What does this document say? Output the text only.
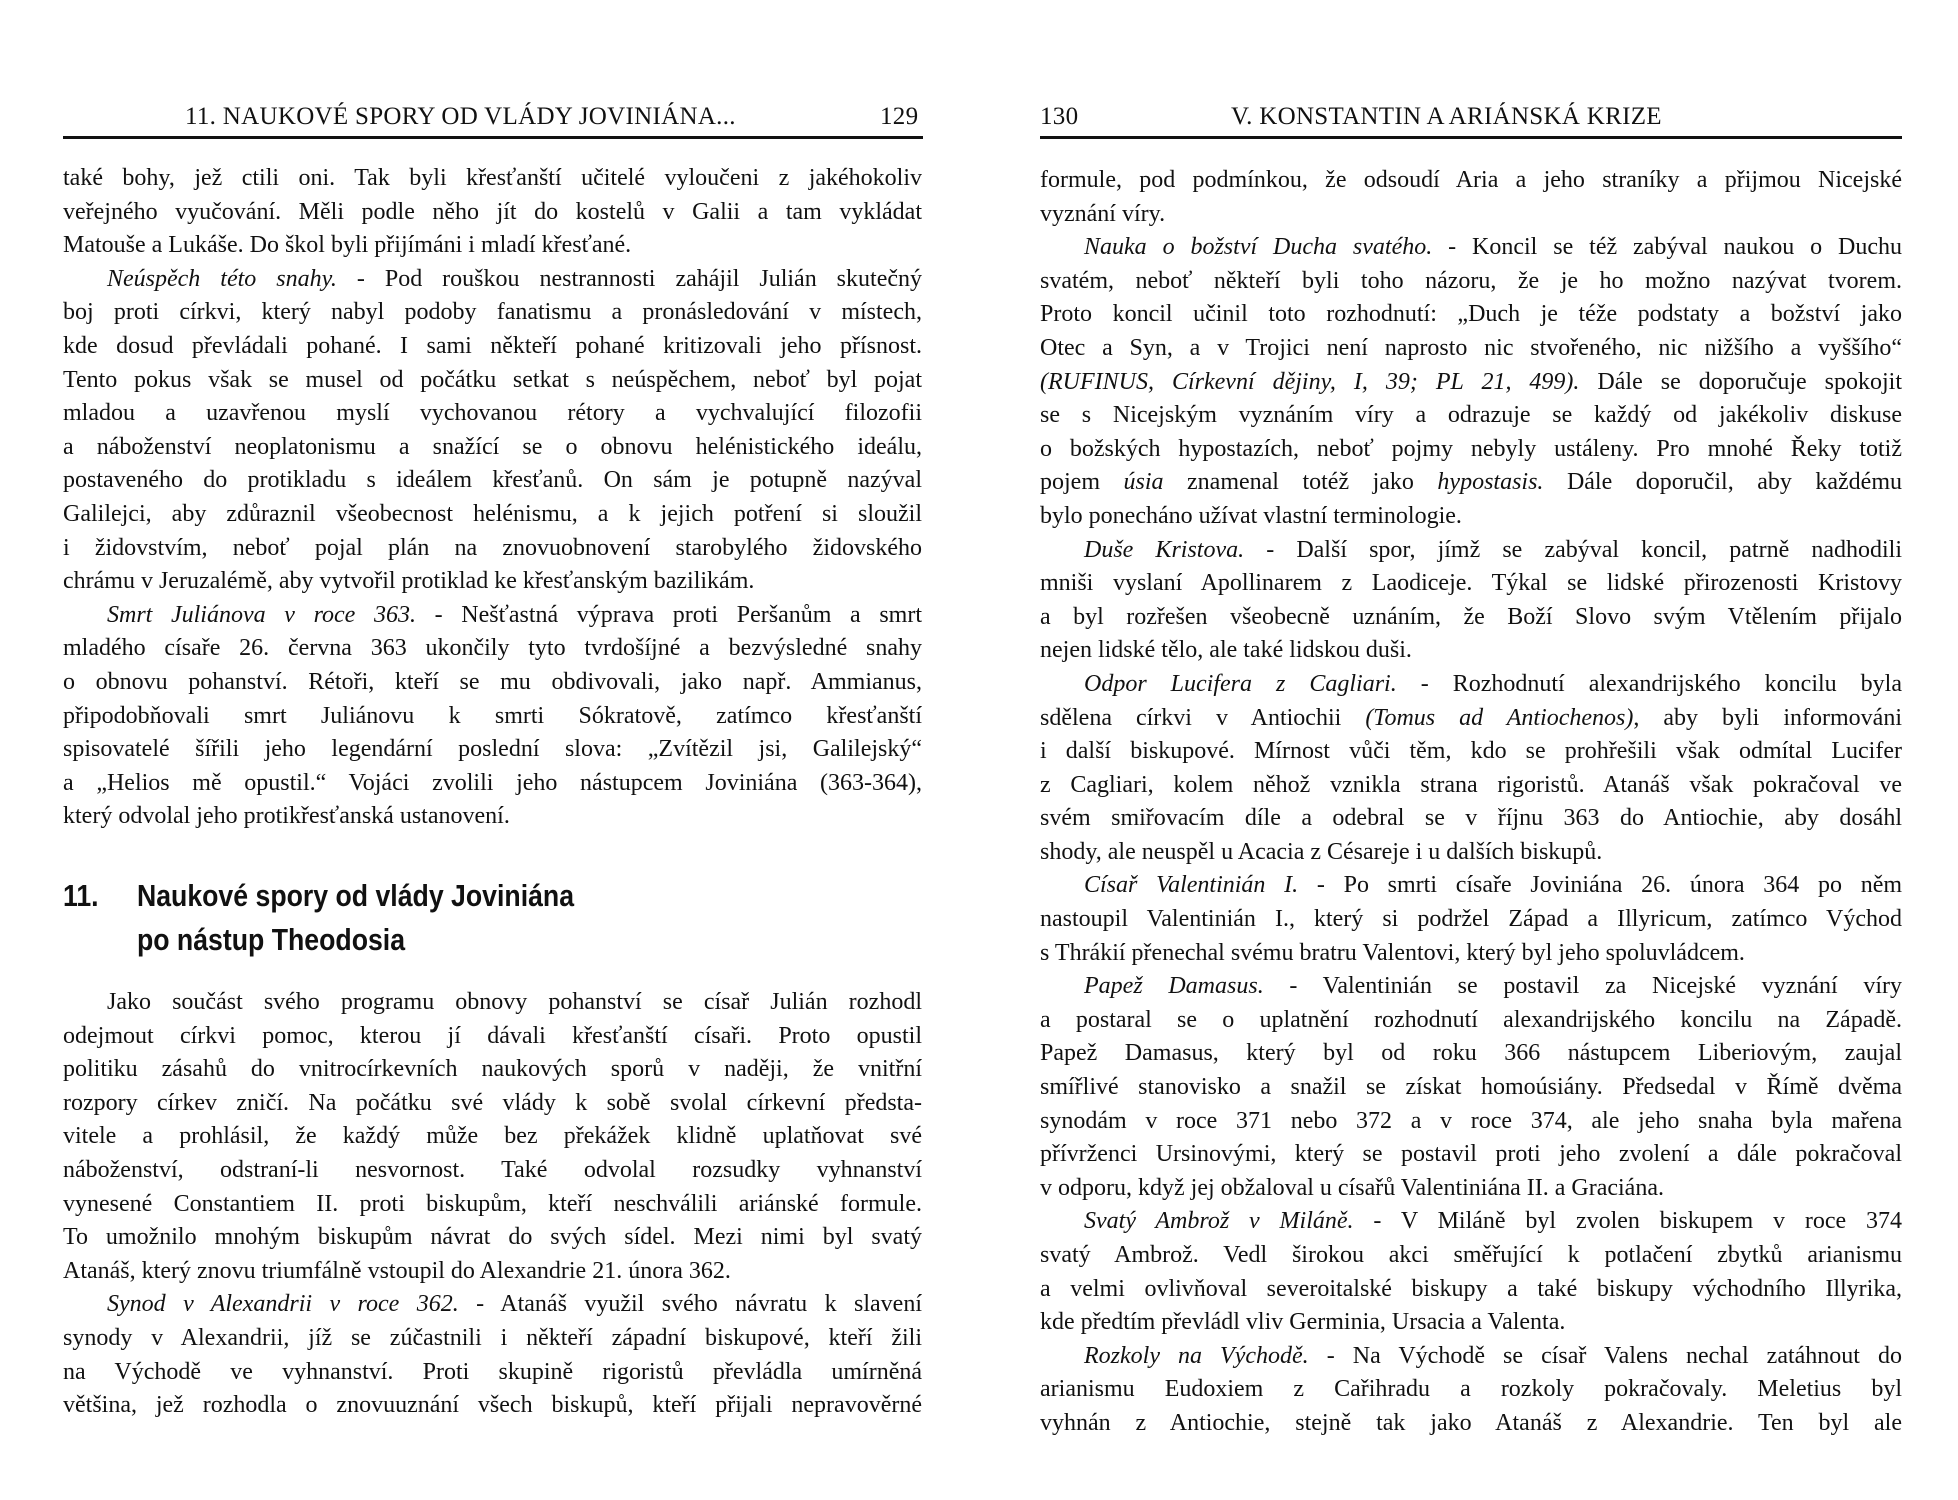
11. NAUKOVÉ SPORY OD VLÁDY JOVINIÁNA...	129
také bohy, jež ctili oni. Tak byli křesťanští učitelé vyloučeni z jakéhokoliv
veřejného vyučování. Měli podle něho jít do kostelů v Galii a tam vykládat
Matouše a Lukáše. Do škol byli přijímáni i mladí křesťané.
Neúspěch této snahy. - Pod rouškou nestrannosti zahájil Julián skutečný
boj proti církvi, který nabyl podoby fanatismu a pronásledování v místech,
kde dosud převládali pohané. I sami někteří pohané kritizovali jeho přísnost.
Tento pokus však se musel od počátku setkat s neúspěchem, neboť byl pojat
mladou a uzavřenou myslí vychovanou rétory a vychvalující filozofii
a náboženství neoplatonismu a snažící se o obnovu helénistického ideálu,
postaveného do protikladu s ideálem křesťanů. On sám je potupně nazýval
Galilejci, aby zdůraznil všeobecnost helénismu, a k jejich potření si sloužil
i židovstvím, neboť pojal plán na znovuobnovení starobylého židovského
chrámu v Jeruzalémě, aby vytvořil protiklad ke křesťanským bazilikám.
Smrt Juliánova v roce 363. - Nešťastná výprava proti Peršanům a smrt
mladého císaře 26. června 363 ukončily tyto tvrdošíjné a bezvýsledné snahy
o obnovu pohanství. Rétoři, kteří se mu obdivovali, jako např. Ammianus,
připodobňovali smrt Juliánovu k smrti Sókratově, zatímco křesťanští
spisovatelé šířili jeho legendární poslední slova: „Zvítězil jsi, Galilejský“
a „Helios mě opustil.“ Vojáci zvolili jeho nástupcem Joviniána (363-364),
který odvolal jeho protikřesťanská ustanovení.
11. Naukové spory od vlády Joviniána
po nástup Theodosia
Jako součást svého programu obnovy pohanství se císař Julián rozhodl
odejmout církvi pomoc, kterou jí dávali křesťanští císaři. Proto opustil
politiku zásahů do vnitrocírkevních naukových sporů v naději, že vnitřní
rozpory církev zničí. Na počátku své vlády k sobě svolal církevní předsta-
vitele a prohlásil, že každý může bez překážek klidně uplatňovat své
náboženství, odstraní-li nesvornost. Také odvolal rozsudky vyhnanství
vynesené Constantiem II. proti biskupům, kteří neschválili ariánské formule.
To umožnilo mnohým biskupům návrat do svých sídel. Mezi nimi byl svatý
Atanáš, který znovu triumfálně vstoupil do Alexandrie 21. února 362.
Synod v Alexandrii v roce 362. - Atanáš využil svého návratu k slavení
synody v Alexandrii, jíž se zúčastnili i někteří západní biskupové, kteří žili
na Východě ve vyhnanství. Proti skupině rigoristů převládla umírněná
většina, jež rozhodla o znovuuznání všech biskupů, kteří přijali nepravověrné
130	V. KONSTANTIN A ARIÁNSKÁ KRIZE
formule, pod podmínkou, že odsoudí Aria a jeho straníky a přijmou Nicejské
vyznání víry.
Nauka o božství Ducha svatého. - Koncil se též zabýval naukou o Duchu
svatém, neboť někteří byli toho názoru, že je ho možno nazývat tvorem.
Proto koncil učinil toto rozhodnutí: „Duch je téže podstaty a božství jako
Otec a Syn, a v Trojici není naprosto nic stvořeného, nic nižšího a vyššího“
(RUFINUS, Církevní dějiny, I, 39; PL 21, 499). Dále se doporučuje spokojit
se s Nicejským vyznáním víry a odrazuje se každý od jakékoliv diskuse
o božských hypostazích, neboť pojmy nebyly ustáleny. Pro mnohé Řeky totiž
pojem úsia znamenal totéž jako hypostasis. Dále doporučil, aby každému
bylo ponecháno užívat vlastní terminologie.
Duše Kristova. - Další spor, jímž se zabýval koncil, patrně nadhodili
mniši vyslaní Apollinarem z Laodiceje. Týkal se lidské přirozenosti Kristovy
a byl rozřešen všeobecně uznáním, že Boží Slovo svým Vtělením přijalo
nejen lidské tělo, ale také lidskou duši.
Odpor Lucifera z Cagliari. - Rozhodnutí alexandrijského koncilu byla
sdělena církvi v Antiochii (Tomus ad Antiochenos), aby byli informováni
i další biskupové. Mírnost vůči těm, kdo se prohřešili však odmítal Lucifer
z Cagliari, kolem něhož vznikla strana rigoristů. Atanáš však pokračoval ve
svém smiřovacím díle a odebral se v říjnu 363 do Antiochie, aby dosáhl
shody, ale neuspěl u Acacia z Césareje i u dalších biskupů.
Císař Valentinián I. - Po smrti císaře Joviniána 26. února 364 po něm
nastoupil Valentinián I., který si podržel Západ a Illyricum, zatímco Východ
s Thrákií přenechal svému bratru Valentovi, který byl jeho spoluvládcem.
Papež Damasus. - Valentinián se postavil za Nicejské vyznání víry
a postaral se o uplatnění rozhodnutí alexandrijského koncilu na Západě.
Papež Damasus, který byl od roku 366 nástupcem Liberiovým, zaujal
smířlivé stanovisko a snažil se získat homoúsiány. Předsedal v Římě dvěma
synodám v roce 371 nebo 372 a v roce 374, ale jeho snaha byla mařena
přívrženci Ursinovými, který se postavil proti jeho zvolení a dále pokračoval
v odporu, když jej obžaloval u císařů Valentiniána II. a Graciána.
Svatý Ambrož v Miláně. - V Miláně byl zvolen biskupem v roce 374
svatý Ambrož. Vedl širokou akci směřující k potlačení zbytků arianismu
a velmi ovlivňoval severoitalské biskupy a také biskupy východního Illyrika,
kde předtím převládl vliv Germinia, Ursacia a Valenta.
Rozkoly na Východě. - Na Východě se císař Valens nechal zatáhnout do
arianismu Eudoxiem z Cařihradu a rozkoly pokračovaly. Meletius byl
vyhnán z Antiochie, stejně tak jako Atanáš z Alexandrie. Ten byl ale
